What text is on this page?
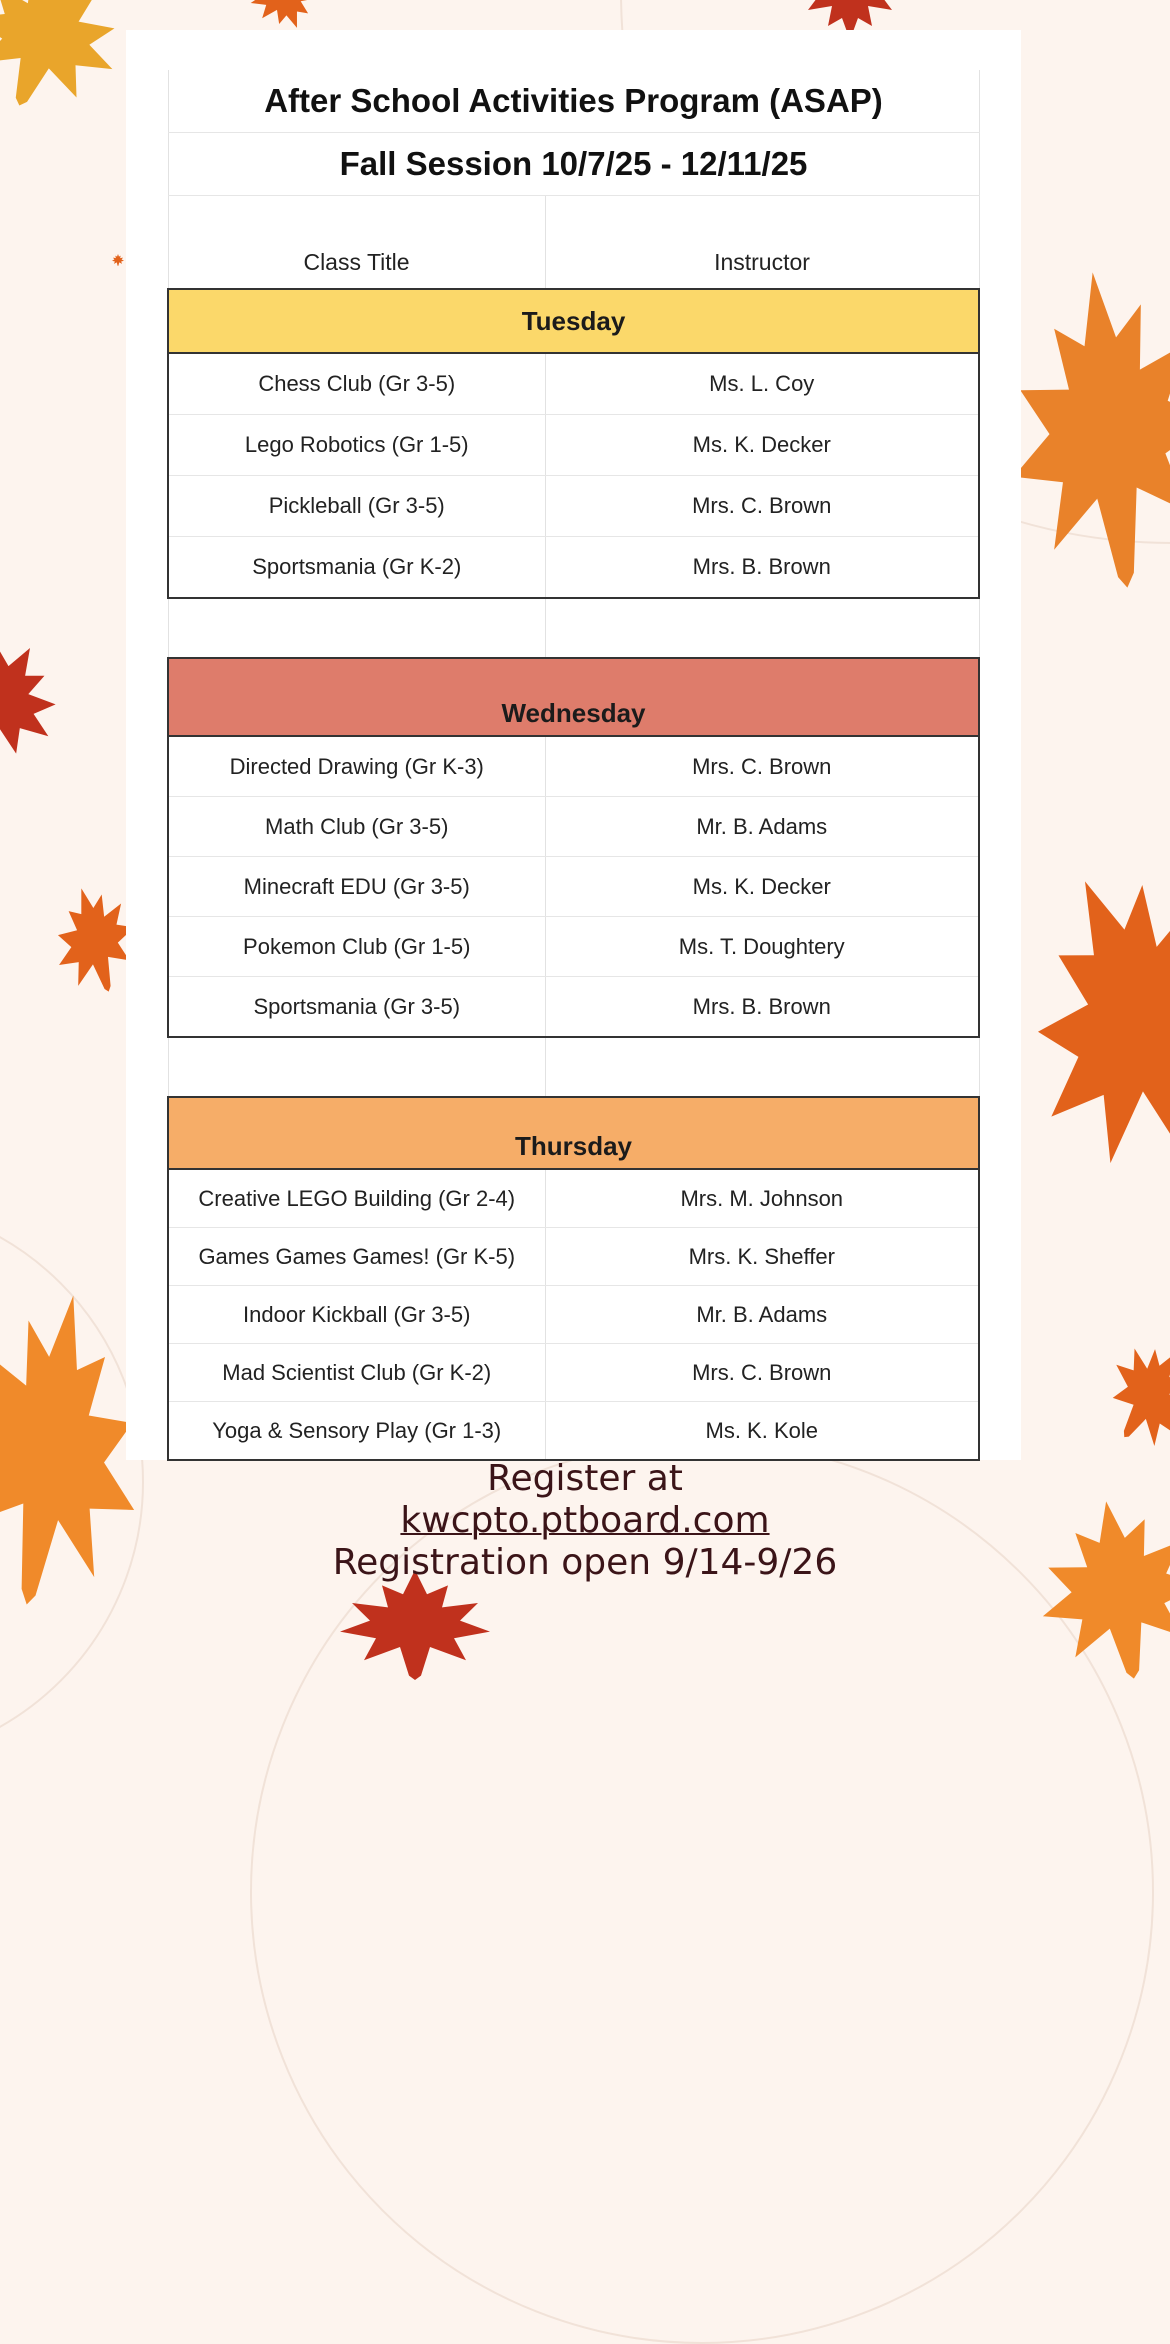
After School Activities Program (ASAP)	
Fall Session 10/7/25 - 12/11/25	
Class Title	Instructor
Tuesday	
Chess Club (Gr 3-5)	Ms. L. Coy
Lego Robotics (Gr 1-5)	Ms. K. Decker
Pickleball (Gr 3-5)	Mrs. C. Brown
Sportsmania (Gr K-2)	Mrs. B. Brown

Wednesday	
Directed Drawing (Gr K-3)	Mrs. C. Brown
Math Club (Gr 3-5)	Mr. B. Adams
Minecraft EDU (Gr 3-5)	Ms. K. Decker
Pokemon Club (Gr 1-5)	Ms. T. Doughtery
Sportsmania (Gr 3-5)	Mrs. B. Brown

Thursday	
Creative LEGO Building (Gr 2-4)	Mrs. M. Johnson
Games Games Games! (Gr K-5)	Mrs. K. Sheffer
Indoor Kickball (Gr 3-5)	Mr. B. Adams
Mad Scientist Club (Gr K-2)	Mrs. C. Brown
Yoga & Sensory Play (Gr 1-3)	Ms. K. Kole
Register at
kwcpto.ptboard.com
Registration open 9/14-9/26
